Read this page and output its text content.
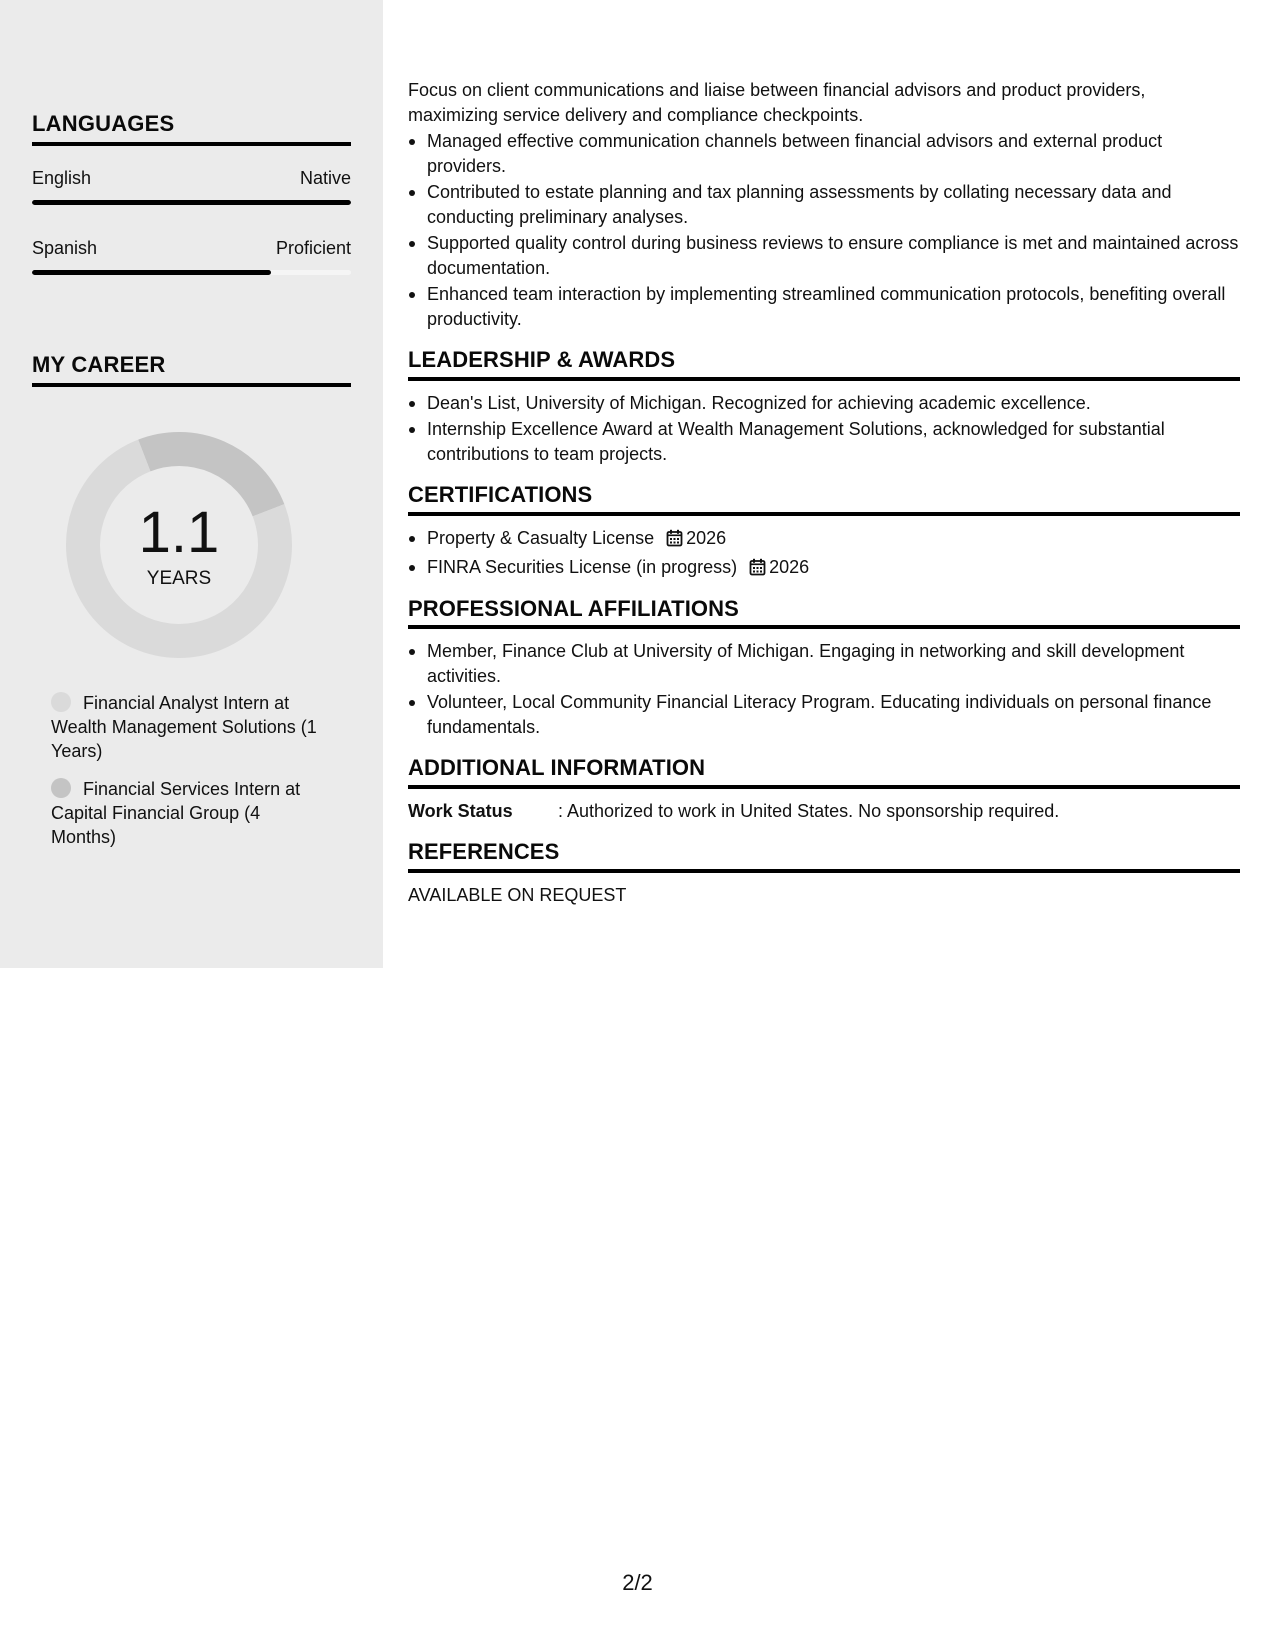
LANGUAGES
English	Native
Spanish	Proficient
MY CAREER
1.1
YEARS
Financial Analyst Intern at Wealth Management Solutions (1 Years)
Financial Services Intern at Capital Financial Group (4 Months)

Focus on client communications and liaise between financial advisors and product providers, maximizing service delivery and compliance checkpoints.

Managed effective communication channels between financial advisors and external product providers.
Contributed to estate planning and tax planning assessments by collating necessary data and conducting preliminary analyses.
Supported quality control during business reviews to ensure compliance is met and maintained across documentation.
Enhanced team interaction by implementing streamlined communication protocols, benefiting overall productivity.
LEADERSHIP & AWARDS
Dean's List, University of Michigan. Recognized for achieving academic excellence.
Internship Excellence Award at Wealth Management Solutions, acknowledged for substantial contributions to team projects.
CERTIFICATIONS
Property & Casualty License 2026
FINRA Securities License (in progress) 2026
PROFESSIONAL AFFILIATIONS
Member, Finance Club at University of Michigan. Engaging in networking and skill development activities.
Volunteer, Local Community Financial Literacy Program. Educating individuals on personal finance fundamentals.
ADDITIONAL INFORMATION
Work Status	: Authorized to work in United States. No sponsorship required.
REFERENCES

AVAILABLE ON REQUEST

2/2
